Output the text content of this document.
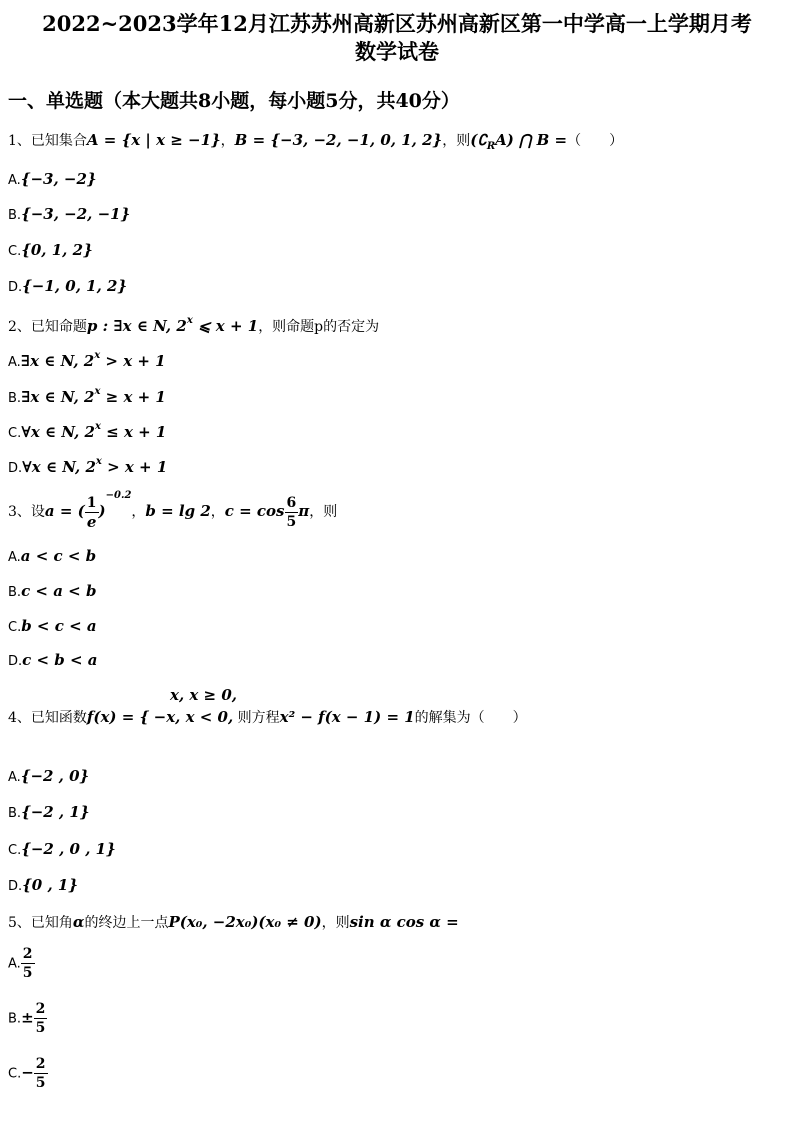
2022~2023学年12月江苏苏州高新区苏州高新区第一中学高一上学期月考
数学试卷
一、单选题（本大题共8小题，每小题5分，共40分）
1、已知集合A = {x | x ≥ −1}，B = {−3, −2, −1, 0, 1, 2}，则$(∁_RA)$ ⋂ B =（　　）
A.{−3, −2}
B.{−3, −2, −1}
C.{0, 1, 2}
D.{−1, 0, 1, 2}
2、已知命题p : ∃x ∈ N, 2$^x$ ⩽ x + 1，则命题p的否定为
A.∃x ∈ N, $2^x > x + 1$
B.∃x ∈ N, $2^x \ge x + 1$
C.∀x ∈ N, $2^x \le x + 1$
D.∀x ∈ N, $2^x > x + 1$
3、设a = ( $\frac{1}{e} )^{-0.2}$，b = lg 2，$c = \cos \frac{6}{5}$ π，则
A.a < c < b
B.c < a < b
C.b < c < a
D.c < b < a
x, x ≥ 0,
4、已知函数f(x) = { −x, x < 0, 则方程x² − f(x − 1) = 1的解集为（　　）
A.{−2 , 0}
B.{−2 , 1}
C.{−2 , 0 , 1}
D.{0 , 1}
5、已知角α的终边上一点P(x₀, −2x₀)(x₀ ≠ 0)，则sin α cos α =
A. $\frac{2}{5}$
$B.\pm \frac{2}{5}$
$C.- \frac{2}{5}$
